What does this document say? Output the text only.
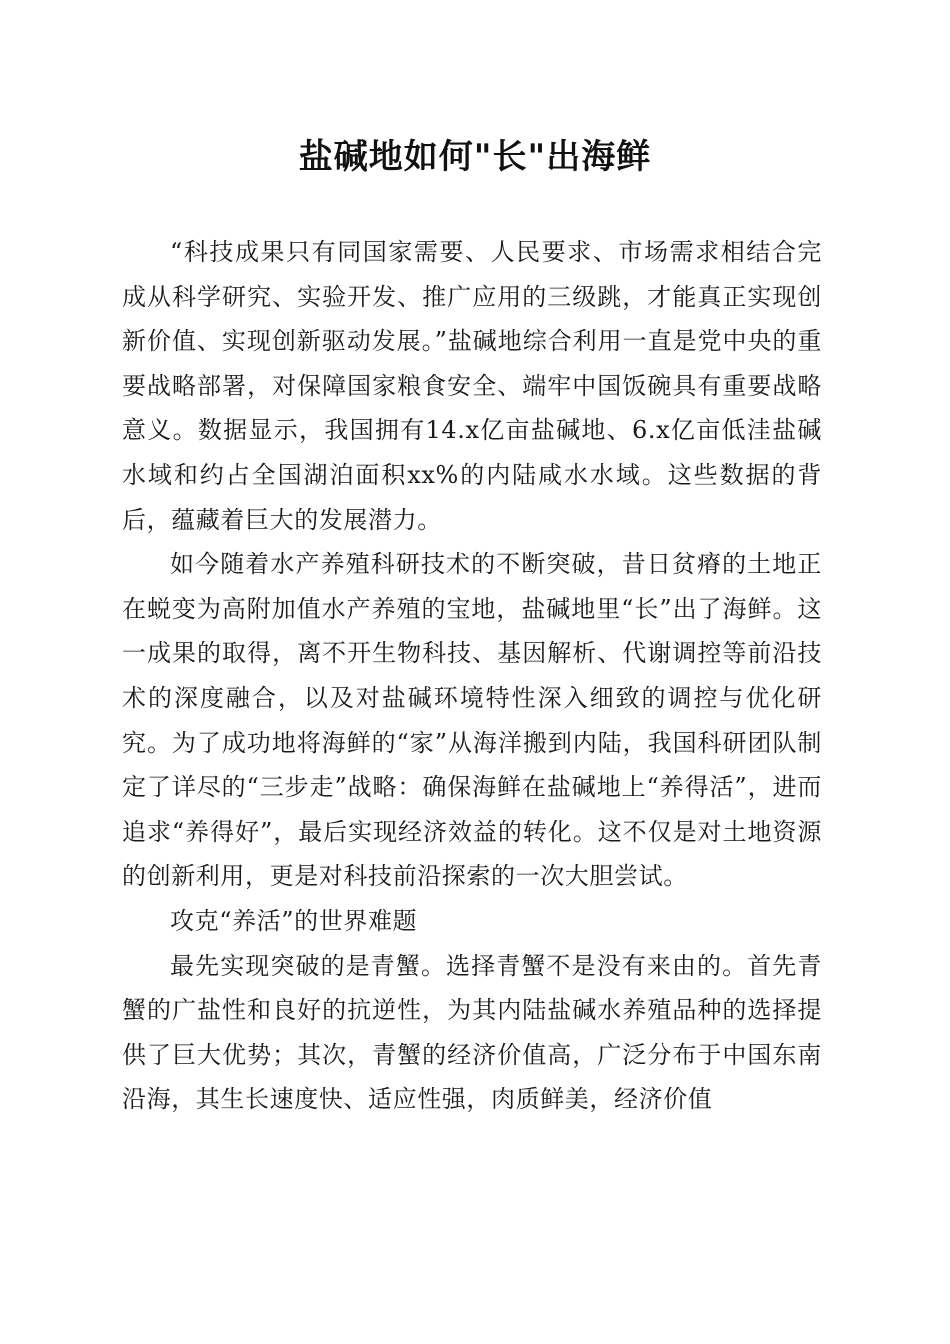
盐碱地如何"长"出海鲜

“科技成果只有同国家需要、人民要求、市场需求相结合完成从科学研究、实验开发、推广应用的三级跳，才能真正实现创新价值、实现创新驱动发展。”盐碱地综合利用一直是党中央的重要战略部署，对保障国家粮食安全、端牢中国饭碗具有重要战略意义。数据显示，我国拥有14.x亿亩盐碱地、6.x亿亩低洼盐碱水域和约占全国湖泊面积xx%的内陆咸水水域。这些数据的背后，蕴藏着巨大的发展潜力。

如今随着水产养殖科研技术的不断突破，昔日贫瘠的土地正在蜕变为高附加值水产养殖的宝地，盐碱地里“长”出了海鲜。这一成果的取得，离不开生物科技、基因解析、代谢调控等前沿技术的深度融合，以及对盐碱环境特性深入细致的调控与优化研究。为了成功地将海鲜的“家”从海洋搬到内陆，我国科研团队制定了详尽的“三步走”战略：确保海鲜在盐碱地上“养得活”，进而追求“养得好”，最后实现经济效益的转化。这不仅是对土地资源的创新利用，更是对科技前沿探索的一次大胆尝试。

攻克“养活”的世界难题

最先实现突破的是青蟹。选择青蟹不是没有来由的。首先青蟹的广盐性和良好的抗逆性，为其内陆盐碱水养殖品种的选择提供了巨大优势；其次，青蟹的经济价值高，广泛分布于中国东南沿海，其生长速度快、适应性强，肉质鲜美，经济价值
